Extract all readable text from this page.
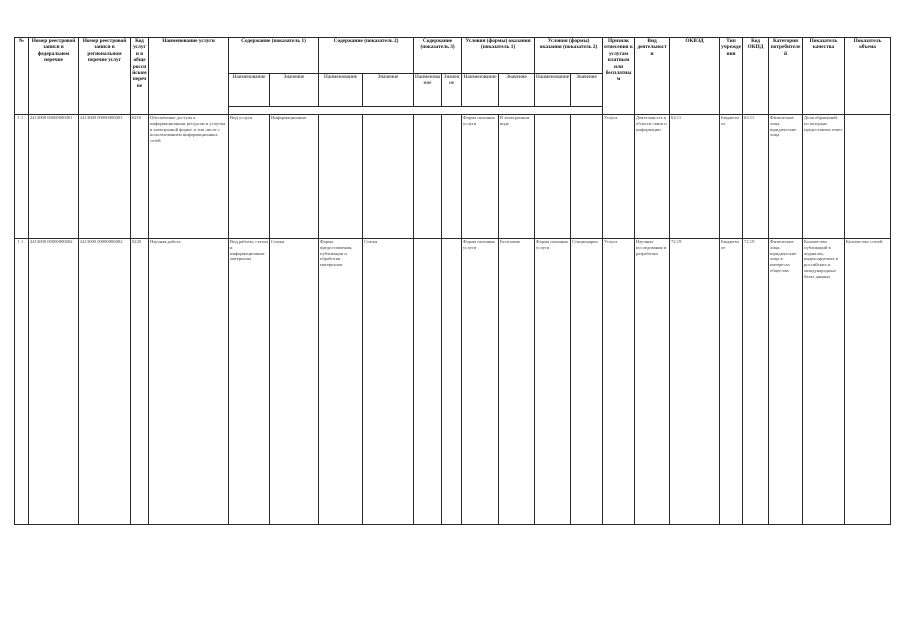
№	Номер реестровой записи в федеральном перечне	Номер реестровой записи в региональном перечне услуг	Код услуги в общероссийском перечне	Наименование услуги	Содержание (показатель 1)		Содержание (показатель 2)		Содержание (показатель 3)		Условия (формы) оказания (показатель 1)		Условия (формы) оказания (показатель 2)		Признак отнесения к услугам платным или бесплатным	Вид деятельности	ОКВЭД	Тип учреждения	Код ОКПД	Категория потребителей	Показатель качества	Показатель объема
					Наименование	Значение	Наименование	Значение	Наименование	Значение	Наименование	Значение	Наименование	Значение								

1 1 .	2413000 00000000001	2413000 00000000001	0210	Обеспечение доступа к информационным ресурсам и услугам в электронной форме, в том числе с использованием информационных сетей	Вид услуги	Информационные					Форма оказания услуги	В электронном виде			Услуга	Деятельность в области связи и информации	63.11	Бюджетное	63.11	Физические лица, юридические лица	Доля обращений, по которым предоставлен ответ	
1 1 .	2413000 00000000002	2413000 00000000002	0220	Научная работа	Вид работы, статьи и информационные материалы	Статья	Форма предоставления, публикации и обработки материалов	Статья			Форма оказания услуги	Бесплатно	Форма оказания услуги	Стационарно	Услуга	Научные исследования и разработки	72.19	Бюджетное	72.19	Физические лица, юридические лица в интересах общества	Количество публикаций в журналах, индексируемых в российских и международных базах данных	Количество статей
